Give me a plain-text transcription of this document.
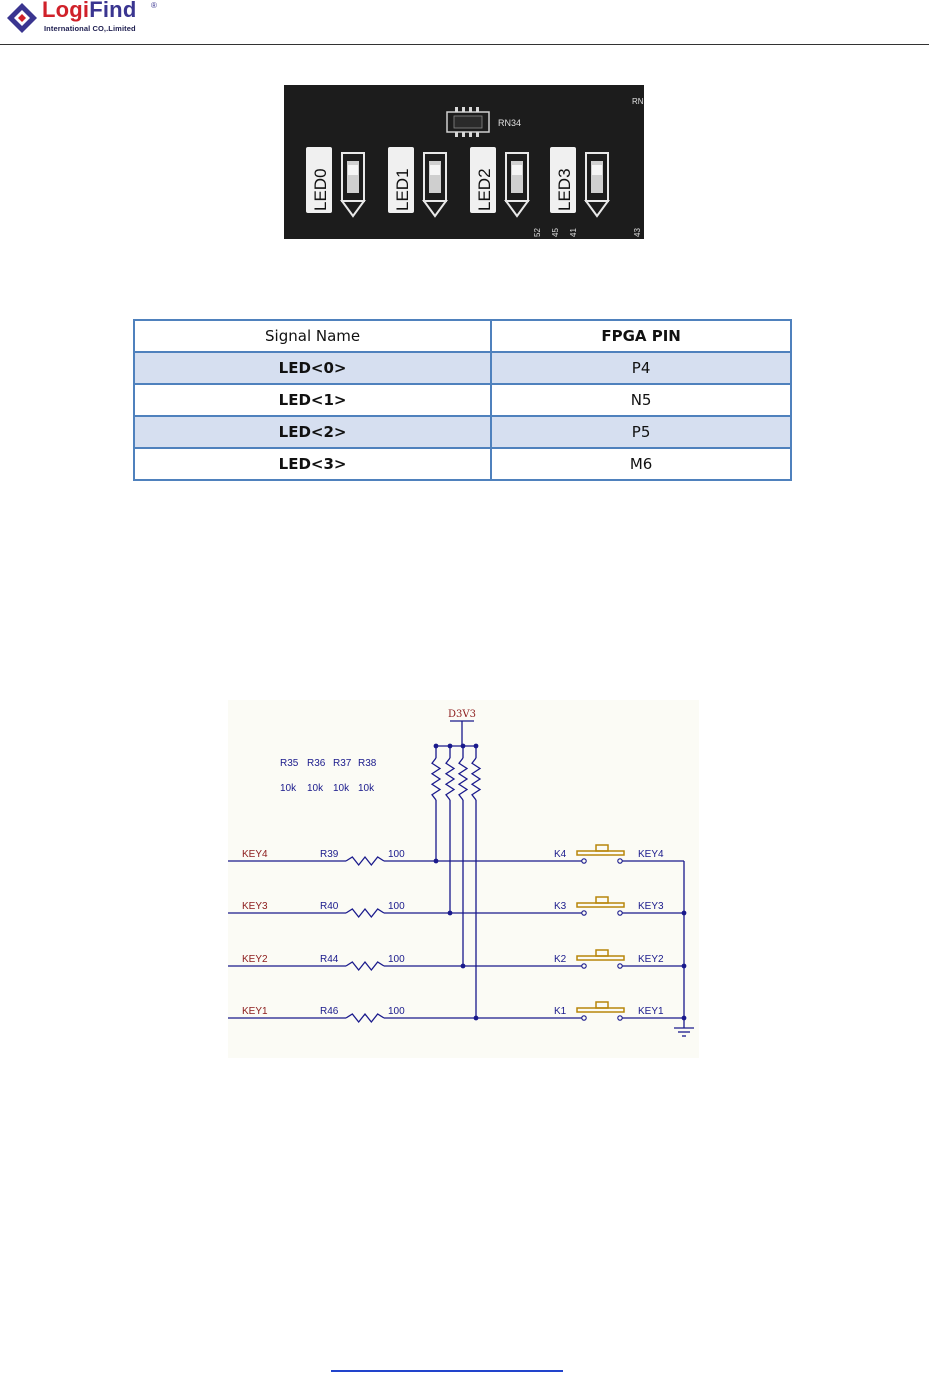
LogiFind ®
International CO,.Limited
RN34
RN
LED0	LED1	LED2	LED3
52 45 41	43
Signal Name	FPGA PIN
LED<0>	P4
LED<1>	N5
LED<2>	P5
LED<3>	M6
D3V3
R35
10k
R36
10k
R37
10k
R38
10k
KEY4	R39	100	K4	KEY4
KEY3	R40	100	K3	KEY3
KEY2	R44	100	K2	KEY2
KEY1	R46	100	K1	KEY1
